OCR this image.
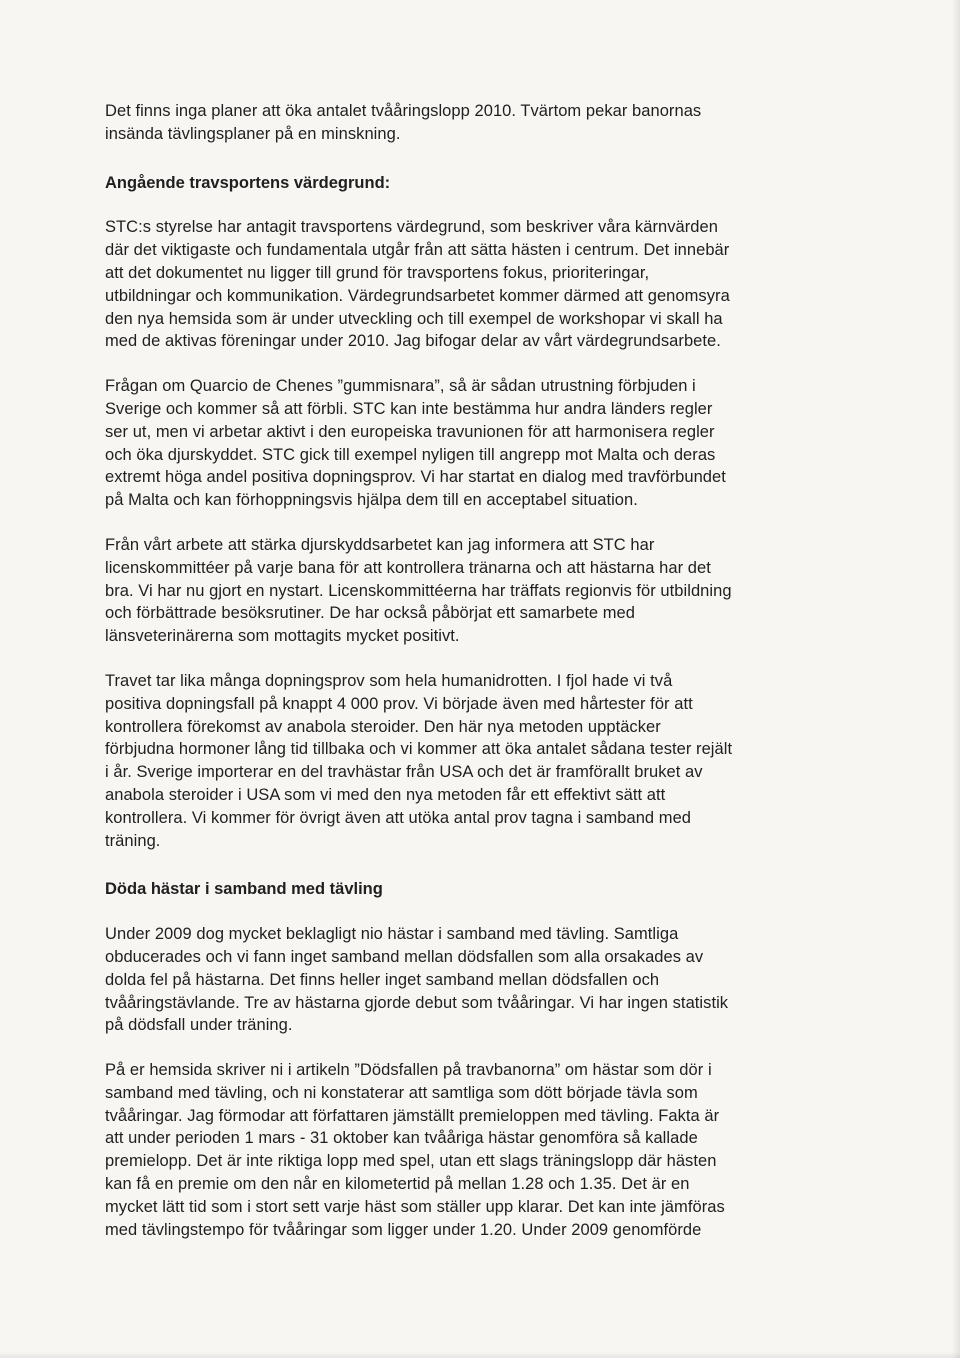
Det finns inga planer att öka antalet tvååringslopp 2010. Tvärtom pekar banornas
insända tävlingsplaner på en minskning.

Angående travsportens värdegrund:

STC:s styrelse har antagit travsportens värdegrund, som beskriver våra kärnvärden
där det viktigaste och fundamentala utgår från att sätta hästen i centrum. Det innebär
att det dokumentet nu ligger till grund för travsportens fokus, prioriteringar,
utbildningar och kommunikation. Värdegrundsarbetet kommer därmed att genomsyra
den nya hemsida som är under utveckling och till exempel de workshopar vi skall ha
med de aktivas föreningar under 2010. Jag bifogar delar av vårt värdegrundsarbete.

Frågan om Quarcio de Chenes ”gummisnara”, så är sådan utrustning förbjuden i
Sverige och kommer så att förbli. STC kan inte bestämma hur andra länders regler
ser ut, men vi arbetar aktivt i den europeiska travunionen för att harmonisera regler
och öka djurskyddet. STC gick till exempel nyligen till angrepp mot Malta och deras
extremt höga andel positiva dopningsprov. Vi har startat en dialog med travförbundet
på Malta och kan förhoppningsvis hjälpa dem till en acceptabel situation.

Från vårt arbete att stärka djurskyddsarbetet kan jag informera att STC har
licenskommittéer på varje bana för att kontrollera tränarna och att hästarna har det
bra. Vi har nu gjort en nystart. Licenskommittéerna har träffats regionvis för utbildning
och förbättrade besöksrutiner. De har också påbörjat ett samarbete med
länsveterinärerna som mottagits mycket positivt.

Travet tar lika många dopningsprov som hela humanidrotten. I fjol hade vi två
positiva dopningsfall på knappt 4 000 prov. Vi började även med hårtester för att
kontrollera förekomst av anabola steroider. Den här nya metoden upptäcker
förbjudna hormoner lång tid tillbaka och vi kommer att öka antalet sådana tester rejält
i år. Sverige importerar en del travhästar från USA och det är framförallt bruket av
anabola steroider i USA som vi med den nya metoden får ett effektivt sätt att
kontrollera. Vi kommer för övrigt även att utöka antal prov tagna i samband med
träning.

Döda hästar i samband med tävling

Under 2009 dog mycket beklagligt nio hästar i samband med tävling. Samtliga
obducerades och vi fann inget samband mellan dödsfallen som alla orsakades av
dolda fel på hästarna. Det finns heller inget samband mellan dödsfallen och
tvååringstävlande. Tre av hästarna gjorde debut som tvååringar. Vi har ingen statistik
på dödsfall under träning.

På er hemsida skriver ni i artikeln ”Dödsfallen på travbanorna” om hästar som dör i
samband med tävling, och ni konstaterar att samtliga som dött började tävla som
tvååringar. Jag förmodar att författaren jämställt premieloppen med tävling. Fakta är
att under perioden 1 mars - 31 oktober kan tvååriga hästar genomföra så kallade
premielopp. Det är inte riktiga lopp med spel, utan ett slags träningslopp där hästen
kan få en premie om den når en kilometertid på mellan 1.28 och 1.35. Det är en
mycket lätt tid som i stort sett varje häst som ställer upp klarar. Det kan inte jämföras
med tävlingstempo för tvååringar som ligger under 1.20. Under 2009 genomförde
